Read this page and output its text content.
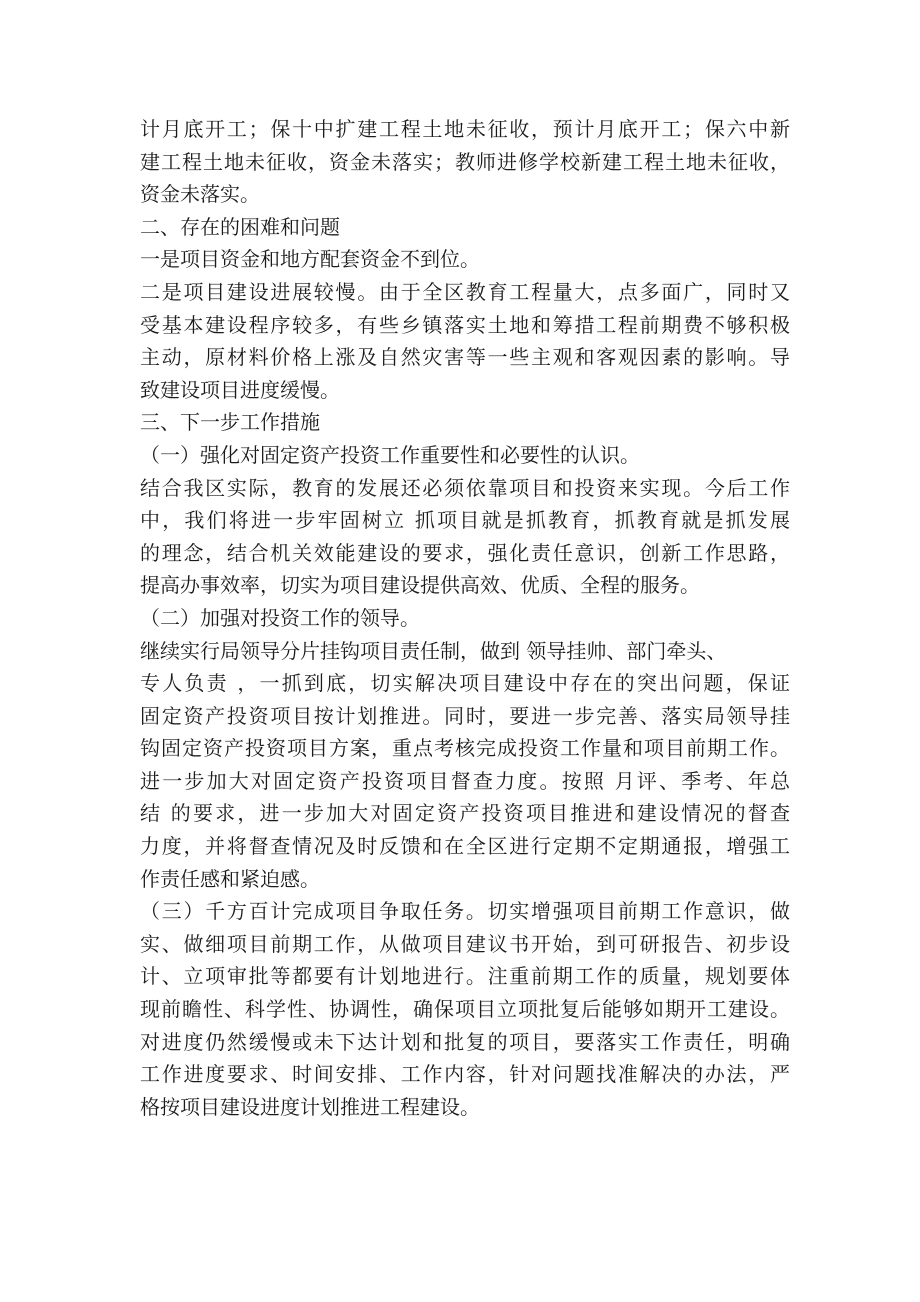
计月底开工；保十中扩建工程土地未征收，预计月底开工；保六中新
建工程土地未征收，资金未落实；教师进修学校新建工程土地未征收，
资金未落实。
二、存在的困难和问题
一是项目资金和地方配套资金不到位。
二是项目建设进展较慢。由于全区教育工程量大，点多面广，同时又
受基本建设程序较多，有些乡镇落实土地和筹措工程前期费不够积极
主动，原材料价格上涨及自然灾害等一些主观和客观因素的影响。导
致建设项目进度缓慢。
三、下一步工作措施
（一）强化对固定资产投资工作重要性和必要性的认识。
结合我区实际，教育的发展还必须依靠项目和投资来实现。今后工作
中，我们将进一步牢固树立 抓项目就是抓教育，抓教育就是抓发展
的理念，结合机关效能建设的要求，强化责任意识，创新工作思路，
提高办事效率，切实为项目建设提供高效、优质、全程的服务。
（二）加强对投资工作的领导。
继续实行局领导分片挂钩项目责任制，做到 领导挂帅、部门牵头、
专人负责 ，一抓到底，切实解决项目建设中存在的突出问题，保证
固定资产投资项目按计划推进。同时，要进一步完善、落实局领导挂
钩固定资产投资项目方案，重点考核完成投资工作量和项目前期工作。
进一步加大对固定资产投资项目督查力度。按照 月评、季考、年总
结 的要求，进一步加大对固定资产投资项目推进和建设情况的督查
力度，并将督查情况及时反馈和在全区进行定期不定期通报，增强工
作责任感和紧迫感。
（三）千方百计完成项目争取任务。切实增强项目前期工作意识，做
实、做细项目前期工作，从做项目建议书开始，到可研报告、初步设
计、立项审批等都要有计划地进行。注重前期工作的质量，规划要体
现前瞻性、科学性、协调性，确保项目立项批复后能够如期开工建设。
对进度仍然缓慢或未下达计划和批复的项目，要落实工作责任，明确
工作进度要求、时间安排、工作内容，针对问题找准解决的办法，严
格按项目建设进度计划推进工程建设。
